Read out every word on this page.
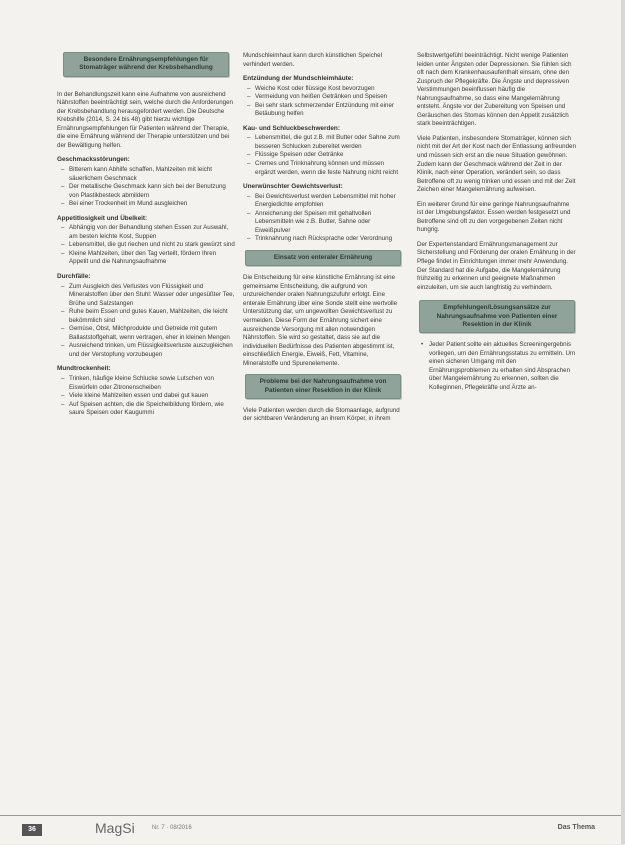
Besondere Ernährungsempfehlungen für Stomaträger während der Krebsbehandlung

In der Behandlungszeit kann eine Aufnahme von ausreichend Nährstoffen beeinträchtigt sein, welche durch die Anforderungen der Krebsbehandlung herausgefordert werden. Die Deutsche Krebshilfe (2014, S. 24 bis 48) gibt hierzu wichtige Ernährungsempfehlungen für Patienten während der Therapie, die eine Ernährung während der Therapie unterstützen und bei der Bewältigung helfen.

Geschmacksstörungen:
– Bitterem kann Abhilfe schaffen, Mahlzeiten mit leicht säuerlichem Geschmack
– Der metallische Geschmack kann sich bei der Benutzung von Plastikbesteck abmildern
– Bei einer Trockenheit im Mund ausgleichen
Appetitlosigkeit und Übelkeit:
– Abhängig von der Behandlung stehen Essen zur Auswahl, am besten leichte Kost, Suppen
– Lebensmittel, die gut riechen und nicht zu stark gewürzt sind
– Kleine Mahlzeiten, über den Tag verteilt, fördern Ihren Appetit und die Nahrungsaufnahme
Durchfälle:
– Zum Ausgleich des Verlustes von Flüssigkeit und Mineralstoffen über den Stuhl: Wasser oder ungesüßter Tee, Brühe und Salzstangen
– Ruhe beim Essen und gutes Kauen, Mahlzeiten, die leicht bekömmlich sind
– Gemüse, Obst, Milchprodukte und Getreide mit gutem Ballaststoffgehalt, wenn vertragen, eher in kleinen Mengen
– Ausreichend trinken, um Flüssigkeitsverluste auszugleichen und der Verstopfung vorzubeugen
Mundtrockenheit:
– Trinken, häufige kleine Schlucke sowie Lutschen von Eiswürfeln oder Zitronenscheiben
– Viele kleine Mahlzeiten essen und dabei gut kauen
– Auf Speisen achten, die die Speichelbildung fördern, wie saure Speisen oder Kaugummi

Mundschleimhaut kann durch künstlichen Speichel verhindert werden.

Entzündung der Mundschleimhäute:
– Weiche Kost oder flüssige Kost bevorzugen
– Vermeidung von heißen Getränken und Speisen
– Bei sehr stark schmerzender Entzündung mit einer Betäubung helfen
Kau- und Schluckbeschwerden:
– Lebensmittel, die gut z.B. mit Butter oder Sahne zum besseren Schlucken zubereitet werden
– Flüssige Speisen oder Getränke
– Cremes und Trinknahrung können und müssen ergänzt werden, wenn die feste Nahrung nicht reicht
Unerwünschter Gewichtsverlust:
– Bei Gewichtsverlust werden Lebensmittel mit hoher Energiedichte empfohlen
– Anreicherung der Speisen mit gehaltvollen Lebensmitteln wie z.B. Butter, Sahne oder Eiweißpulver
– Trinknahrung nach Rücksprache oder Verordnung
Einsatz von enteraler Ernährung

Die Entscheidung für eine künstliche Ernährung ist eine gemeinsame Entscheidung, die aufgrund von unzureichender oralen Nahrungszufuhr erfolgt. Eine enterale Ernährung über eine Sonde stellt eine wertvolle Unterstützung dar, um ungewollten Gewichtsverlust zu vermeiden. Diese Form der Ernährung sichert eine ausreichende Versorgung mit allen notwendigen Nährstoffen. Sie wird so gestaltet, dass sie auf die individuellen Bedürfnisse des Patienten abgestimmt ist, einschließlich Energie, Eiweiß, Fett, Vitamine, Mineralstoffe und Spurenelemente.

Probleme bei der Nahrungsaufnahme von Patienten einer Resektion in der Klinik

Viele Patienten werden durch die Stomaanlage, aufgrund der sichtbaren Veränderung an ihrem Körper, in ihrem

Selbstwertgefühl beeinträchtigt. Nicht wenige Patienten leiden unter Ängsten oder Depressionen. Sie fühlen sich oft nach dem Krankenhausaufenthalt einsam, ohne den Zuspruch der Pflegekräfte. Die Ängste und depressiven Verstimmungen beeinflussen häufig die Nahrungsaufnahme, so dass eine Mangelernährung entsteht. Ängste vor der Zubereitung von Speisen und Geräuschen des Stomas können den Appetit zusätzlich stark beeinträchtigen.

Viele Patienten, insbesondere Stomaträger, können sich nicht mit der Art der Kost nach der Entlassung anfreunden und müssen sich erst an die neue Situation gewöhnen. Zudem kann der Geschmack während der Zeit in der Klinik, nach einer Operation, verändert sein, so dass Betroffene oft zu wenig trinken und essen und mit der Zeit Zeichen einer Mangelernährung aufweisen.

Ein weiterer Grund für eine geringe Nahrungsaufnahme ist der Umgebungsfaktor. Essen werden festgesetzt und Betroffene sind oft zu den vorgegebenen Zeiten nicht hungrig.

Der Expertenstandard Ernährungsmanagement zur Sicherstellung und Förderung der oralen Ernährung in der Pflege findet in Einrichtungen immer mehr Anwendung. Der Standard hat die Aufgabe, die Mangelernährung frühzeitig zu erkennen und geeignete Maßnahmen einzuleiten, um sie auch langfristig zu verhindern.

Empfehlungen/Lösungsansätze zur Nahrungsaufnahme von Patienten einer Resektion in der Klinik
• Jeder Patient sollte ein aktuelles Screeningergebnis vorliegen, um den Ernährungsstatus zu ermitteln. Um einen sicheren Umgang mit den Ernährungsproblemen zu erhalten sind Absprachen über Mangelernährung zu erkennen, sollten die Kolleginnen, Pflegekräfte und Ärzte an-
36	MagSi	Nr. 7 · 08/2016	Das Thema
